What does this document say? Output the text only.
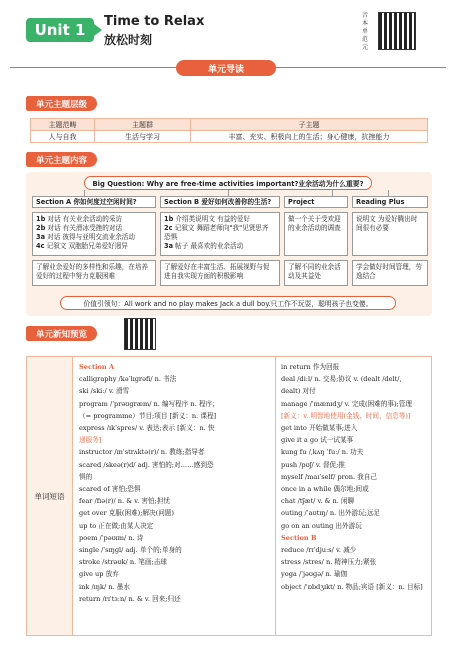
Unit 1	Time to Relax
放松时刻
音
本
单
范
元
单元导读
单元主题层级
主题范畴	主题群	子主题
人与自我	生活与学习	丰富、充实、积极向上的生活；身心健康，抗挫能力
单元主题内容
Big Question: Why are free-time activities important?业余活动为什么重要?
Section A 你如何度过空闲时间?
1b 对话 有关业余活动的采访
2b 对话 有关滑冰受挫的对话
3a 对话 彼得与亚明交流业余活动
4c 记叙文 双胞胎兄弟爱好迥异
了解业余爱好的多样性和乐趣，在培养爱好的过程中努力克服困难
Section B 爱好如何改善你的生活?
1b 介绍类说明文 有益的爱好
2c 记叙文 舞蹈老师向"我"见贤思齐
恐惧
3a 帖子 最喜欢的业余活动
了解爱好在丰富生活、拓展视野与促进自我实现方面的积极影响
Project
做一个关于受欢迎的业余活动的调查
了解不同的业余活动及其益处
Reading Plus
说明文 为爱好腾出时间很有必要
学会做好时间管理，劳逸结合
价值引领句：All work and no play makes Jack a dull boy.只工作不玩耍，聪明孩子也变傻。
单元新知预览
单词短语
Section A
calligraphy /kəˈlɪɡrəfi/ n. 书法
ski /skiː/ v. 滑雪
program /ˈprəʊɡræm/ n. 编写程序 n. 程序；
（= programme）节目;项目 [新义：n. 课程]
express /ɪkˈspres/ v. 表达;表示 [新义：n. 快
递服务]
instructor /ɪnˈstrʌktə(r)/ n. 教练;指导者
scared /skeə(r)d/ adj. 害怕的;对……感到恐
惧的
scared of 害怕;恐惧
fear /fɪə(r)/ n. & v. 害怕;担忧
get over 克服(困难);解决(问题)
up to 正在做;由某人决定
poem /ˈpəʊɪm/ n. 诗
single /ˈsɪŋɡl/ adj. 单个的;单身的
stroke /strəʊk/ n. 笔画;击球
give up 放弃
ink /ɪŋk/ n. 墨水
return /rɪˈtɜːn/ n. & v. 回来;归还
in return 作为回报
deal /diːl/ n. 交易;协议 v. (dealt /delt/,
dealt) 对付
manage /ˈmænɪdʒ/ v. 完成(困难的事);管理
[新义：v. 明智地使用(金钱、时间、信息等)]
get into 开始做某事;进入
give it a go 试一试某事
kung fu /ˌkʌŋ ˈfuː/ n. 功夫
push /pʊʃ/ v. 督促;推
myself /maɪˈself/ pron. 我自己
once in a while 偶尔地;间或
chat /tʃæt/ v. & n. 闲聊
outing /ˈaʊtɪŋ/ n. 出外游玩;远足
go on an outing 出外游玩
Section B
reduce /rɪˈdjuːs/ v. 减少
stress /stres/ n. 精神压力;紧张
yoga /ˈjəʊɡə/ n. 瑜伽
object /ˈɒbdʒɪkt/ n. 物品;宾语 [新义：n. 目标]
